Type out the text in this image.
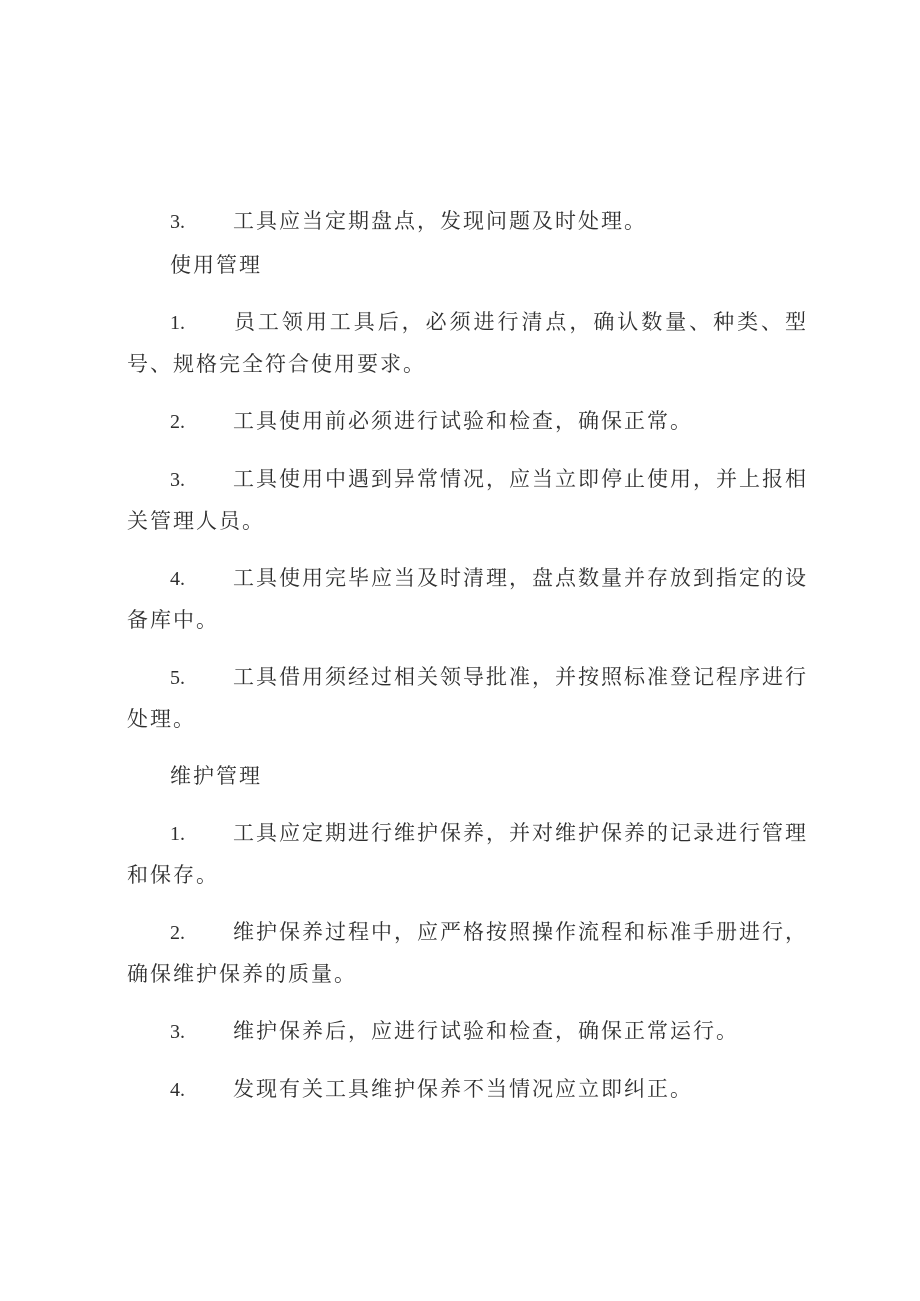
3. 工具应当定期盘点，发现问题及时处理。

使用管理

1. 员工领用工具后，必须进行清点，确认数量、种类、型号、规格完全符合使用要求。

2. 工具使用前必须进行试验和检查，确保正常。

3. 工具使用中遇到异常情况，应当立即停止使用，并上报相关管理人员。

4. 工具使用完毕应当及时清理，盘点数量并存放到指定的设备库中。

5. 工具借用须经过相关领导批准，并按照标准登记程序进行处理。

维护管理

1. 工具应定期进行维护保养，并对维护保养的记录进行管理和保存。

2. 维护保养过程中，应严格按照操作流程和标准手册进行，确保维护保养的质量。

3. 维护保养后，应进行试验和检查，确保正常运行。

4. 发现有关工具维护保养不当情况应立即纠正。
